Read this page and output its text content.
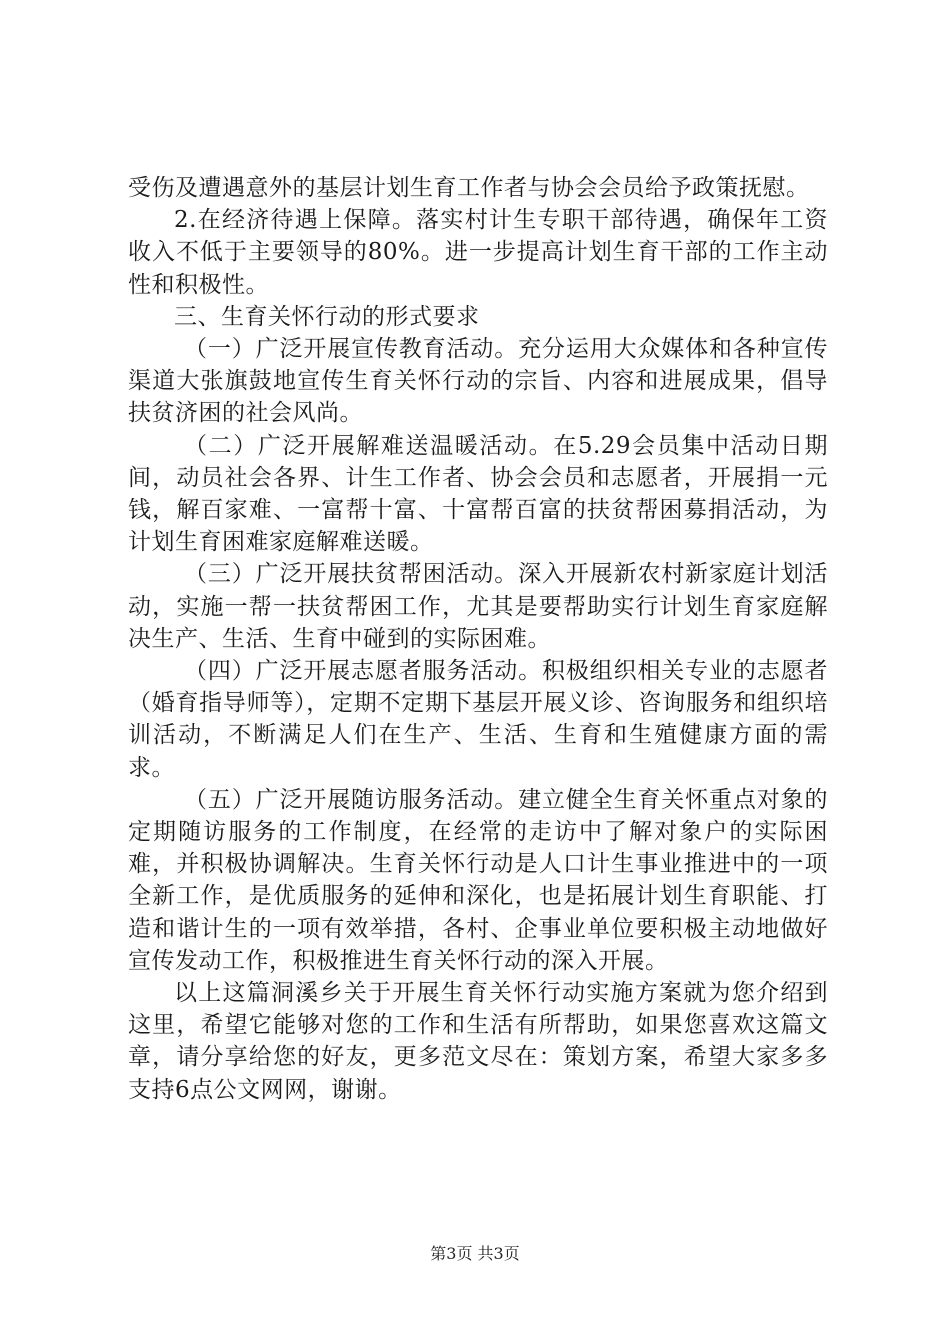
受伤及遭遇意外的基层计划生育工作者与协会会员给予政策抚慰。

2.在经济待遇上保障。落实村计生专职干部待遇，确保年工资收入不低于主要领导的80%。进一步提高计划生育干部的工作主动性和积极性。

三、生育关怀行动的形式要求

（一）广泛开展宣传教育活动。充分运用大众媒体和各种宣传渠道大张旗鼓地宣传生育关怀行动的宗旨、内容和进展成果，倡导扶贫济困的社会风尚。

（二）广泛开展解难送温暖活动。在5.29会员集中活动日期间，动员社会各界、计生工作者、协会会员和志愿者，开展捐一元钱，解百家难、一富帮十富、十富帮百富的扶贫帮困募捐活动，为计划生育困难家庭解难送暖。

（三）广泛开展扶贫帮困活动。深入开展新农村新家庭计划活动，实施一帮一扶贫帮困工作，尤其是要帮助实行计划生育家庭解决生产、生活、生育中碰到的实际困难。

（四）广泛开展志愿者服务活动。积极组织相关专业的志愿者（婚育指导师等），定期不定期下基层开展义诊、咨询服务和组织培训活动，不断满足人们在生产、生活、生育和生殖健康方面的需求。

（五）广泛开展随访服务活动。建立健全生育关怀重点对象的定期随访服务的工作制度，在经常的走访中了解对象户的实际困难，并积极协调解决。生育关怀行动是人口计生事业推进中的一项全新工作，是优质服务的延伸和深化，也是拓展计划生育职能、打造和谐计生的一项有效举措，各村、企事业单位要积极主动地做好宣传发动工作，积极推进生育关怀行动的深入开展。

以上这篇洞溪乡关于开展生育关怀行动实施方案就为您介绍到这里，希望它能够对您的工作和生活有所帮助，如果您喜欢这篇文章，请分享给您的好友，更多范文尽在：策划方案，希望大家多多支持6点公文网网，谢谢。

第3页 共3页
